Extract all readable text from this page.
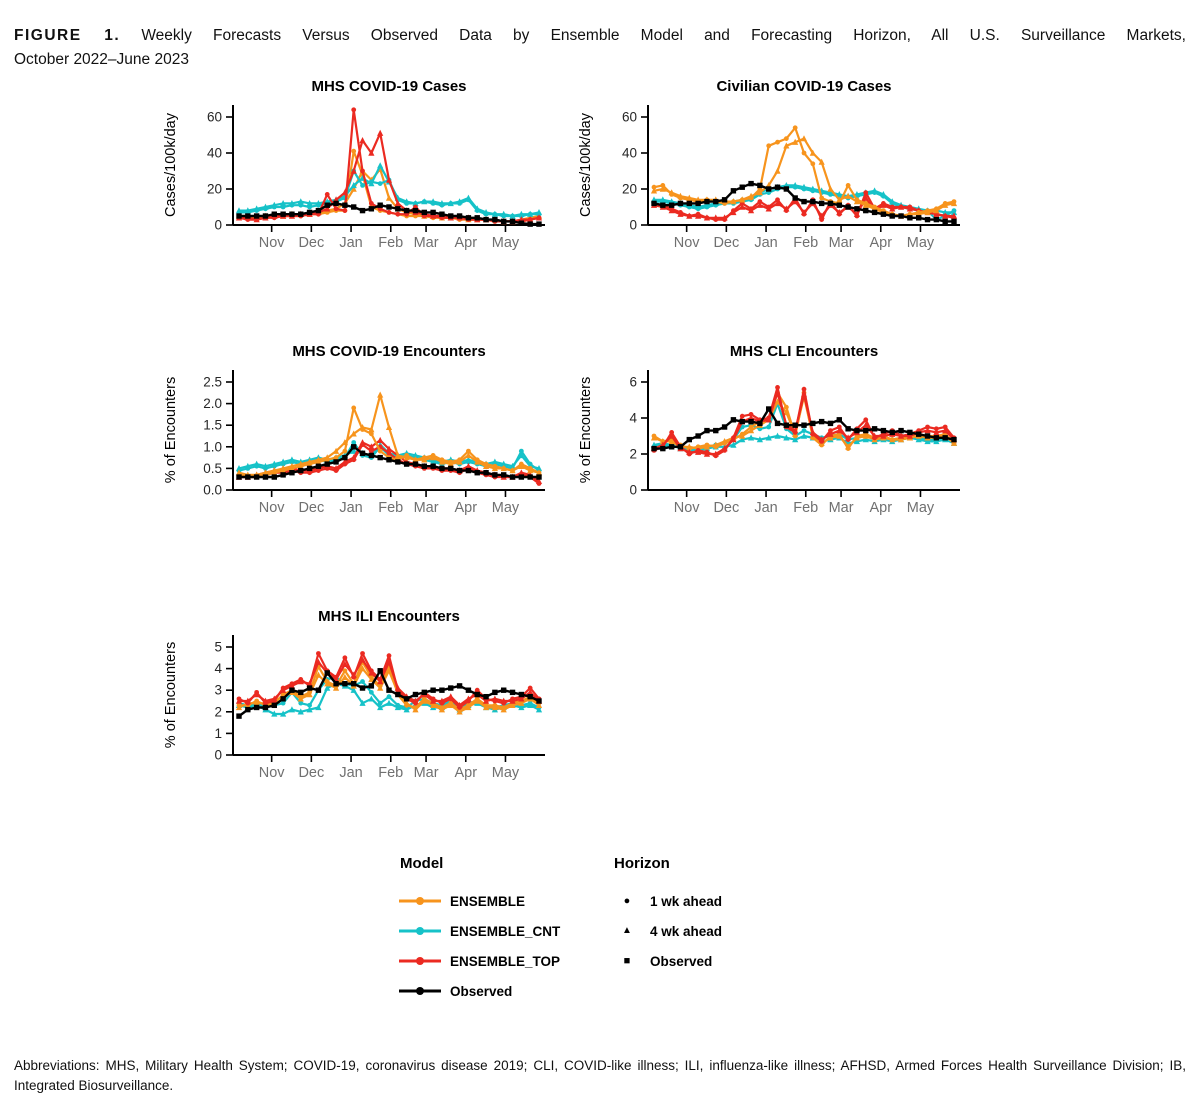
FIGURE 1. Weekly Forecasts Versus Observed Data by Ensemble Model and Forecasting Horizon, All U.S. Surveillance Markets,
October 2022–June 2023

0
20
40
60
Nov Dec Jan Feb Mar Apr May
MHS COVID-19 Cases
Cases/100k/day
0
20
40
60
Nov Dec Jan Feb Mar Apr May
Civilian COVID-19 Cases
Cases/100k/day
0.0
0.5
1.0
1.5
2.0
2.5
Nov Dec Jan Feb Mar Apr May
MHS COVID-19 Encounters
% of Encounters
0
2
4
6
Nov Dec Jan Feb Mar Apr May
MHS CLI Encounters
% of Encounters
0
1
2
3
4
5
Nov Dec Jan Feb Mar Apr May
MHS ILI Encounters
% of Encounters
Model
ENSEMBLE
ENSEMBLE_CNT
ENSEMBLE_TOP
Observed
Horizon
●	1 wk ahead
▲	4 wk ahead
■	Observed

Abbreviations: MHS, Military Health System; COVID-19, coronavirus disease 2019; CLI, COVID-like illness; ILI, influenza-like illness; AFHSD, Armed Forces Health Surveillance Division; IB, Integrated Biosurveillance.
